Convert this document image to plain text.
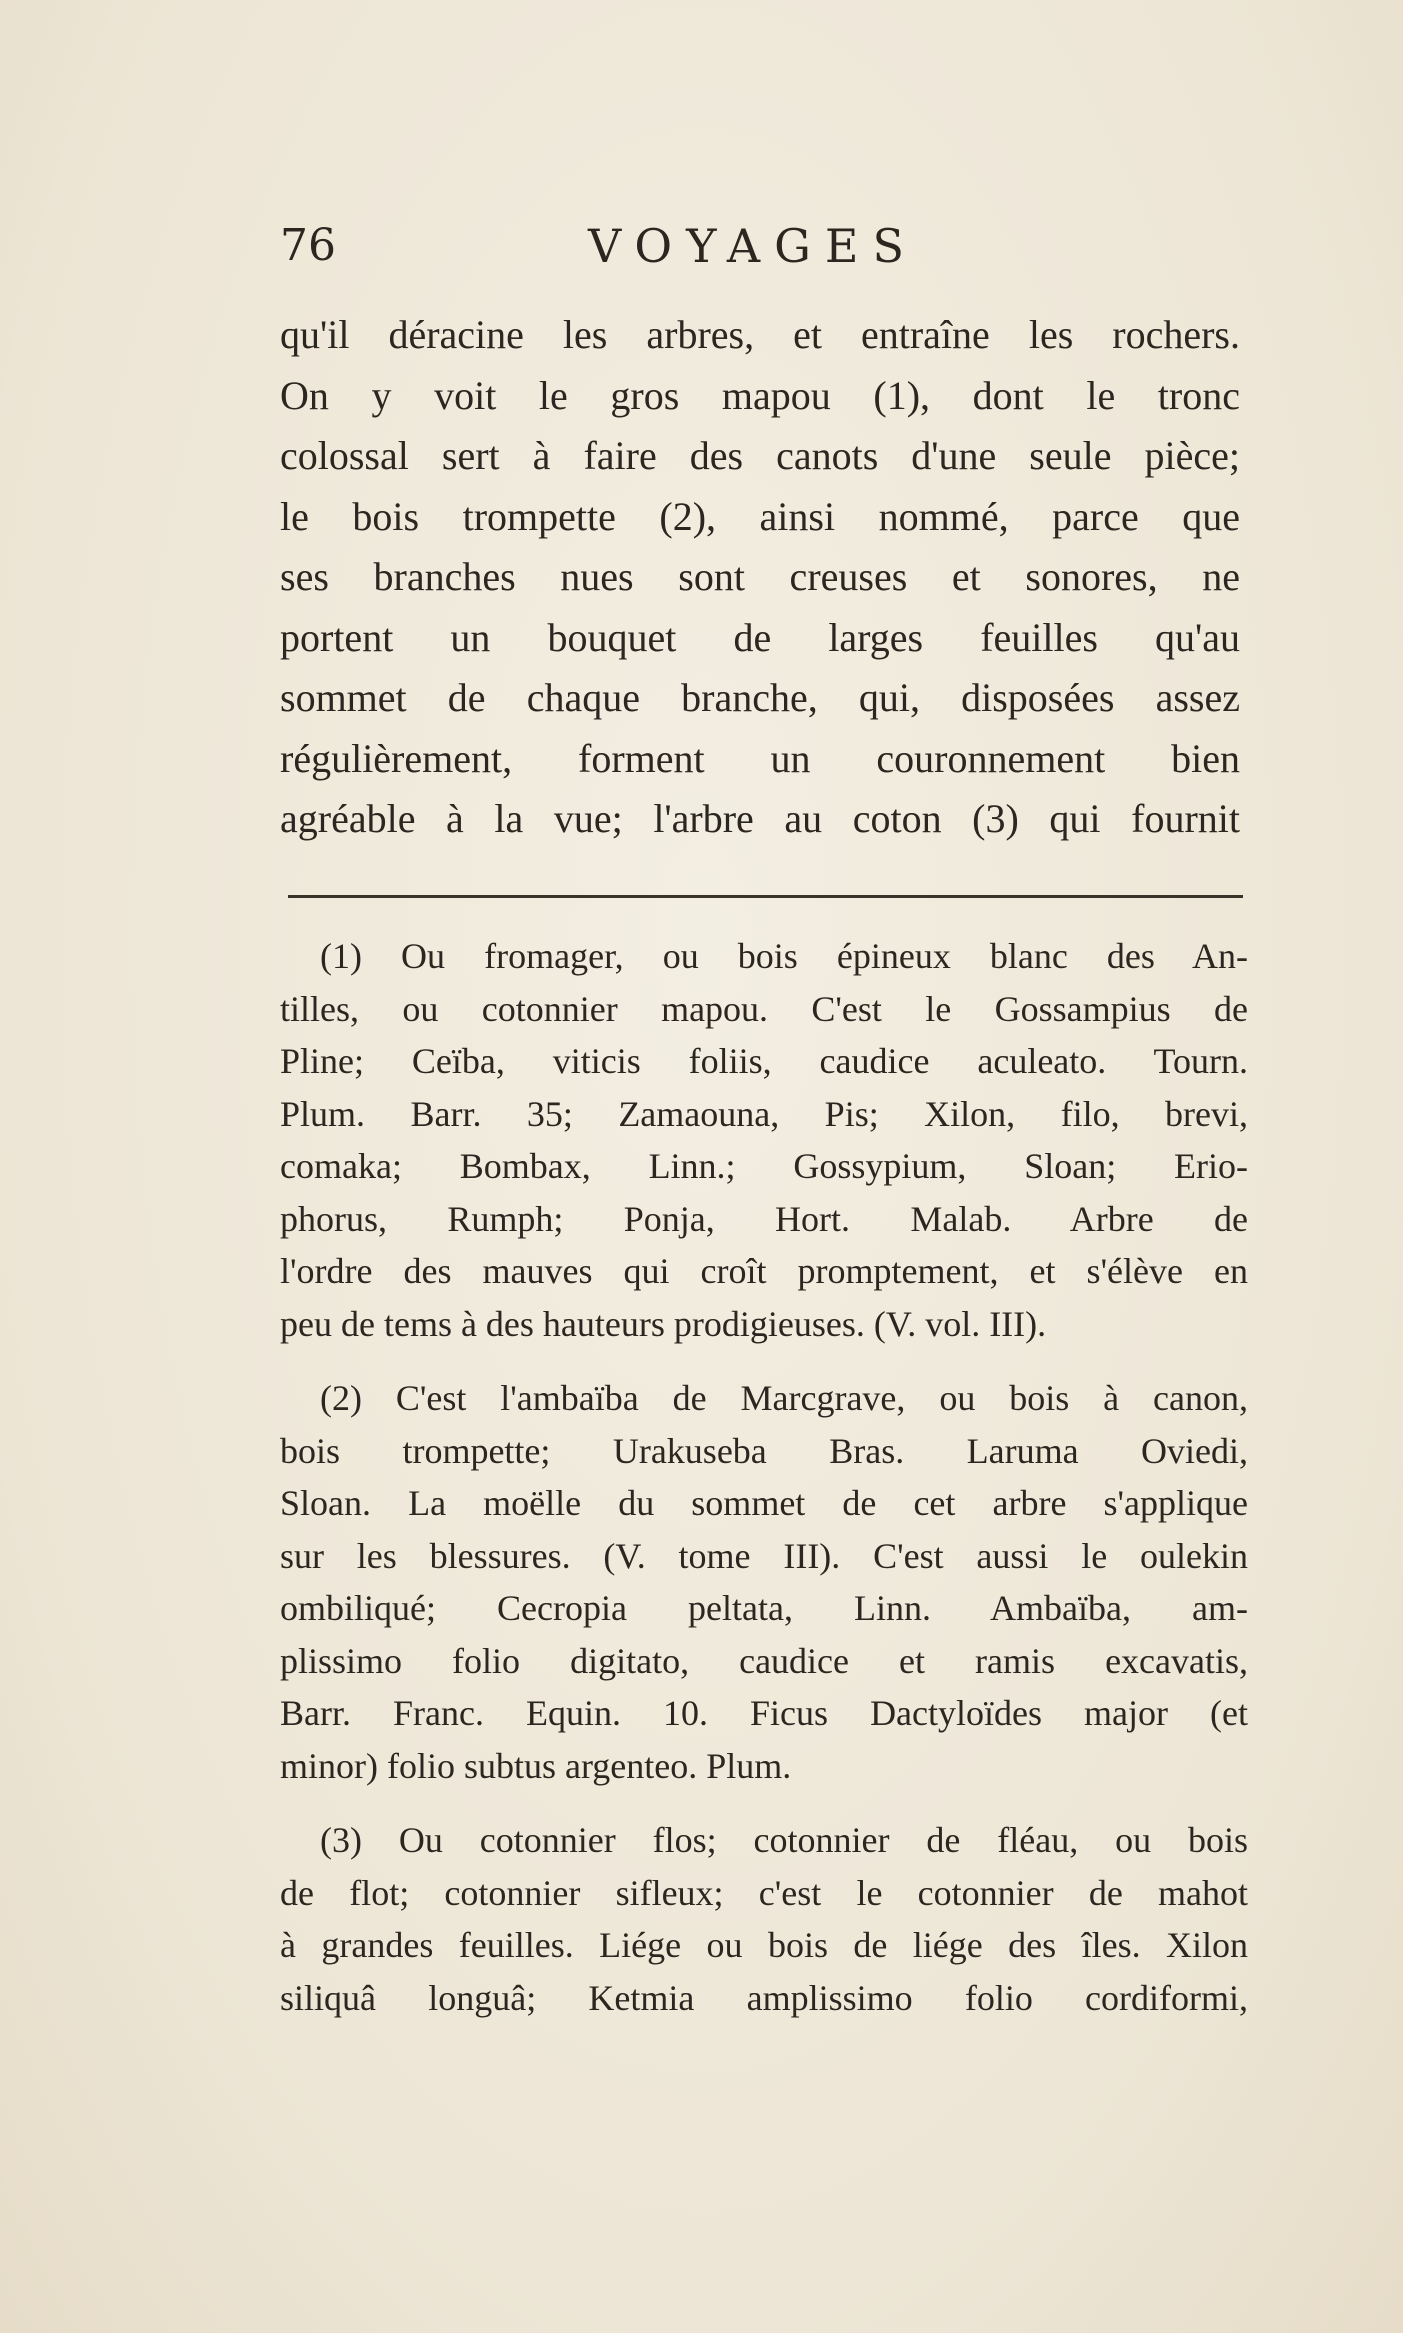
76	VOYAGES
qu'il déracine les arbres, et entraîne les rochers.
On y voit le gros mapou (1), dont le tronc
colossal sert à faire des canots d'une seule pièce;
le bois trompette (2), ainsi nommé, parce que
ses branches nues sont creuses et sonores, ne
portent un bouquet de larges feuilles qu'au
sommet de chaque branche, qui, disposées assez
régulièrement, forment un couronnement bien
agréable à la vue; l'arbre au coton (3) qui fournit
(1) Ou fromager, ou bois épineux blanc des An-
tilles, ou cotonnier mapou. C'est le Gossampius de
Pline; Ceïba, viticis foliis, caudice aculeato. Tourn.
Plum. Barr. 35; Zamaouna, Pis; Xilon, filo, brevi,
comaka; Bombax, Linn.; Gossypium, Sloan; Erio-
phorus, Rumph; Ponja, Hort. Malab. Arbre de
l'ordre des mauves qui croît promptement, et s'élève en
peu de tems à des hauteurs prodigieuses. (V. vol. III).
(2) C'est l'ambaïba de Marcgrave, ou bois à canon,
bois trompette; Urakuseba Bras. Laruma Oviedi,
Sloan. La moëlle du sommet de cet arbre s'applique
sur les blessures. (V. tome III). C'est aussi le oulekin
ombiliqué; Cecropia peltata, Linn. Ambaïba, am-
plissimo folio digitato, caudice et ramis excavatis,
Barr. Franc. Equin. 10. Ficus Dactyloïdes major (et
minor) folio subtus argenteo. Plum.
(3) Ou cotonnier flos; cotonnier de fléau, ou bois
de flot; cotonnier sifleux; c'est le cotonnier de mahot
à grandes feuilles. Liége ou bois de liége des îles. Xilon
siliquâ longuâ; Ketmia amplissimo folio cordiformi,
